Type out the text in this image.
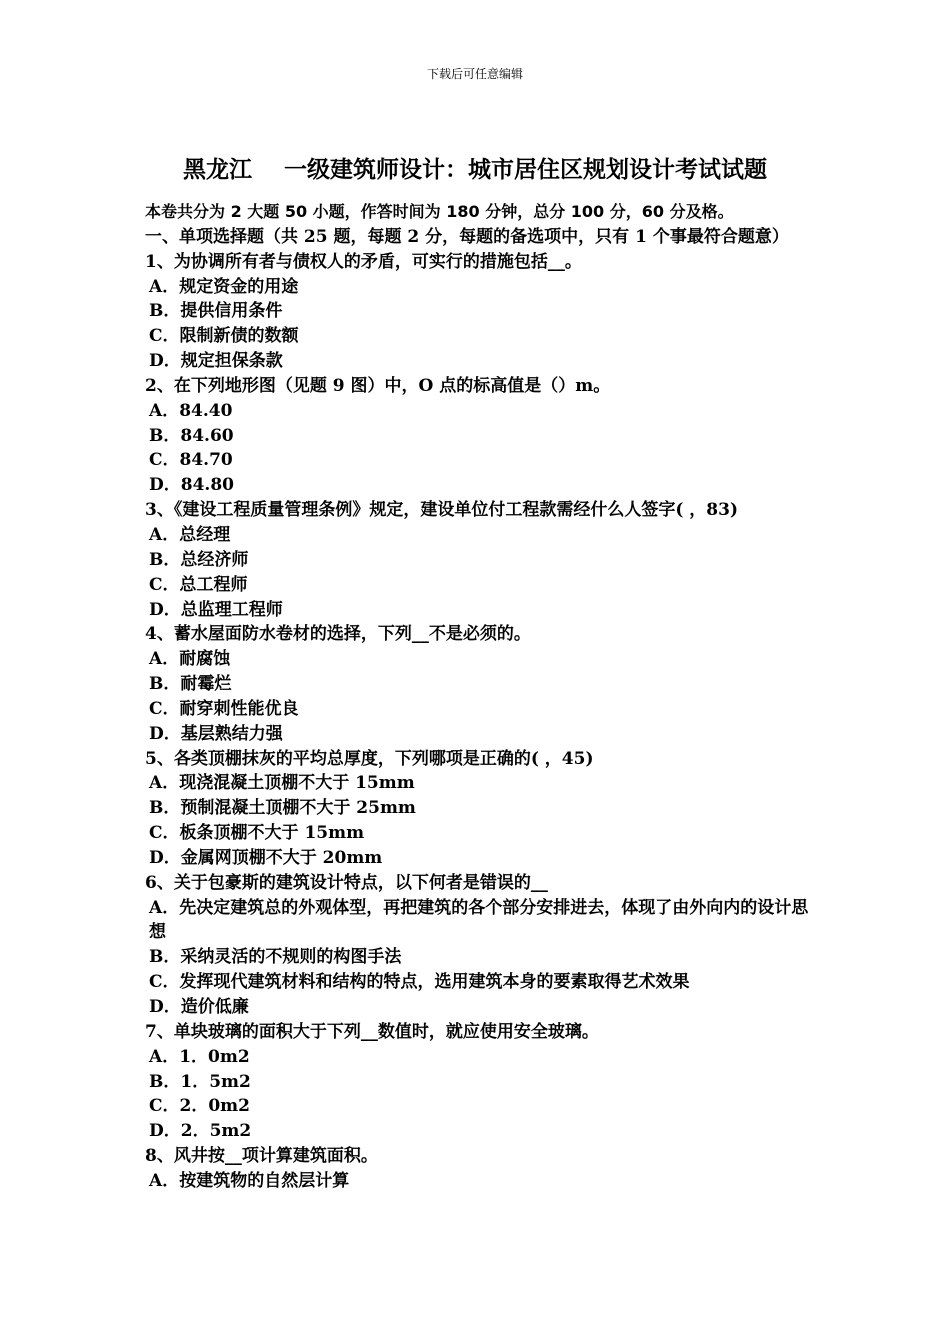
下载后可任意编辑
黑龙江    一级建筑师设计：城市居住区规划设计考试试题
本卷共分为 2 大题 50 小题，作答时间为 180 分钟，总分 100 分，60 分及格。
一、单项选择题（共 25 题，每题 2 分，每题的备选项中，只有 1 个事最符合题意）
1、为协调所有者与债权人的矛盾，可实行的措施包括__。
A．规定资金的用途
B．提供信用条件
C．限制新债的数额
D．规定担保条款
2、在下列地形图（见题 9 图）中，O 点的标高值是（）m。
A．84.40
B．84.60
C．84.70
D．84.80
3、《建设工程质量管理条例》规定，建设单位付工程款需经什么人签字( ，83)
A．总经理
B．总经济师
C．总工程师
D．总监理工程师
4、蓄水屋面防水卷材的选择，下列__不是必须的。
A．耐腐蚀
B．耐霉烂
C．耐穿刺性能优良
D．基层熟结力强
5、各类顶棚抹灰的平均总厚度，下列哪项是正确的( ，45)
A．现浇混凝土顶棚不大于 15mm
B．预制混凝土顶棚不大于 25mm
C．板条顶棚不大于 15mm
D．金属网顶棚不大于 20mm
6、关于包豪斯的建筑设计特点，以下何者是错误的__
A．先决定建筑总的外观体型，再把建筑的各个部分安排进去，体现了由外向内的设计思想
B．采纳灵活的不规则的构图手法
C．发挥现代建筑材料和结构的特点，选用建筑本身的要素取得艺术效果
D．造价低廉
7、单块玻璃的面积大于下列__数值时，就应使用安全玻璃。
A．1．0m2
B．1．5m2
C．2．0m2
D．2．5m2
8、风井按__项计算建筑面积。
A．按建筑物的自然层计算
